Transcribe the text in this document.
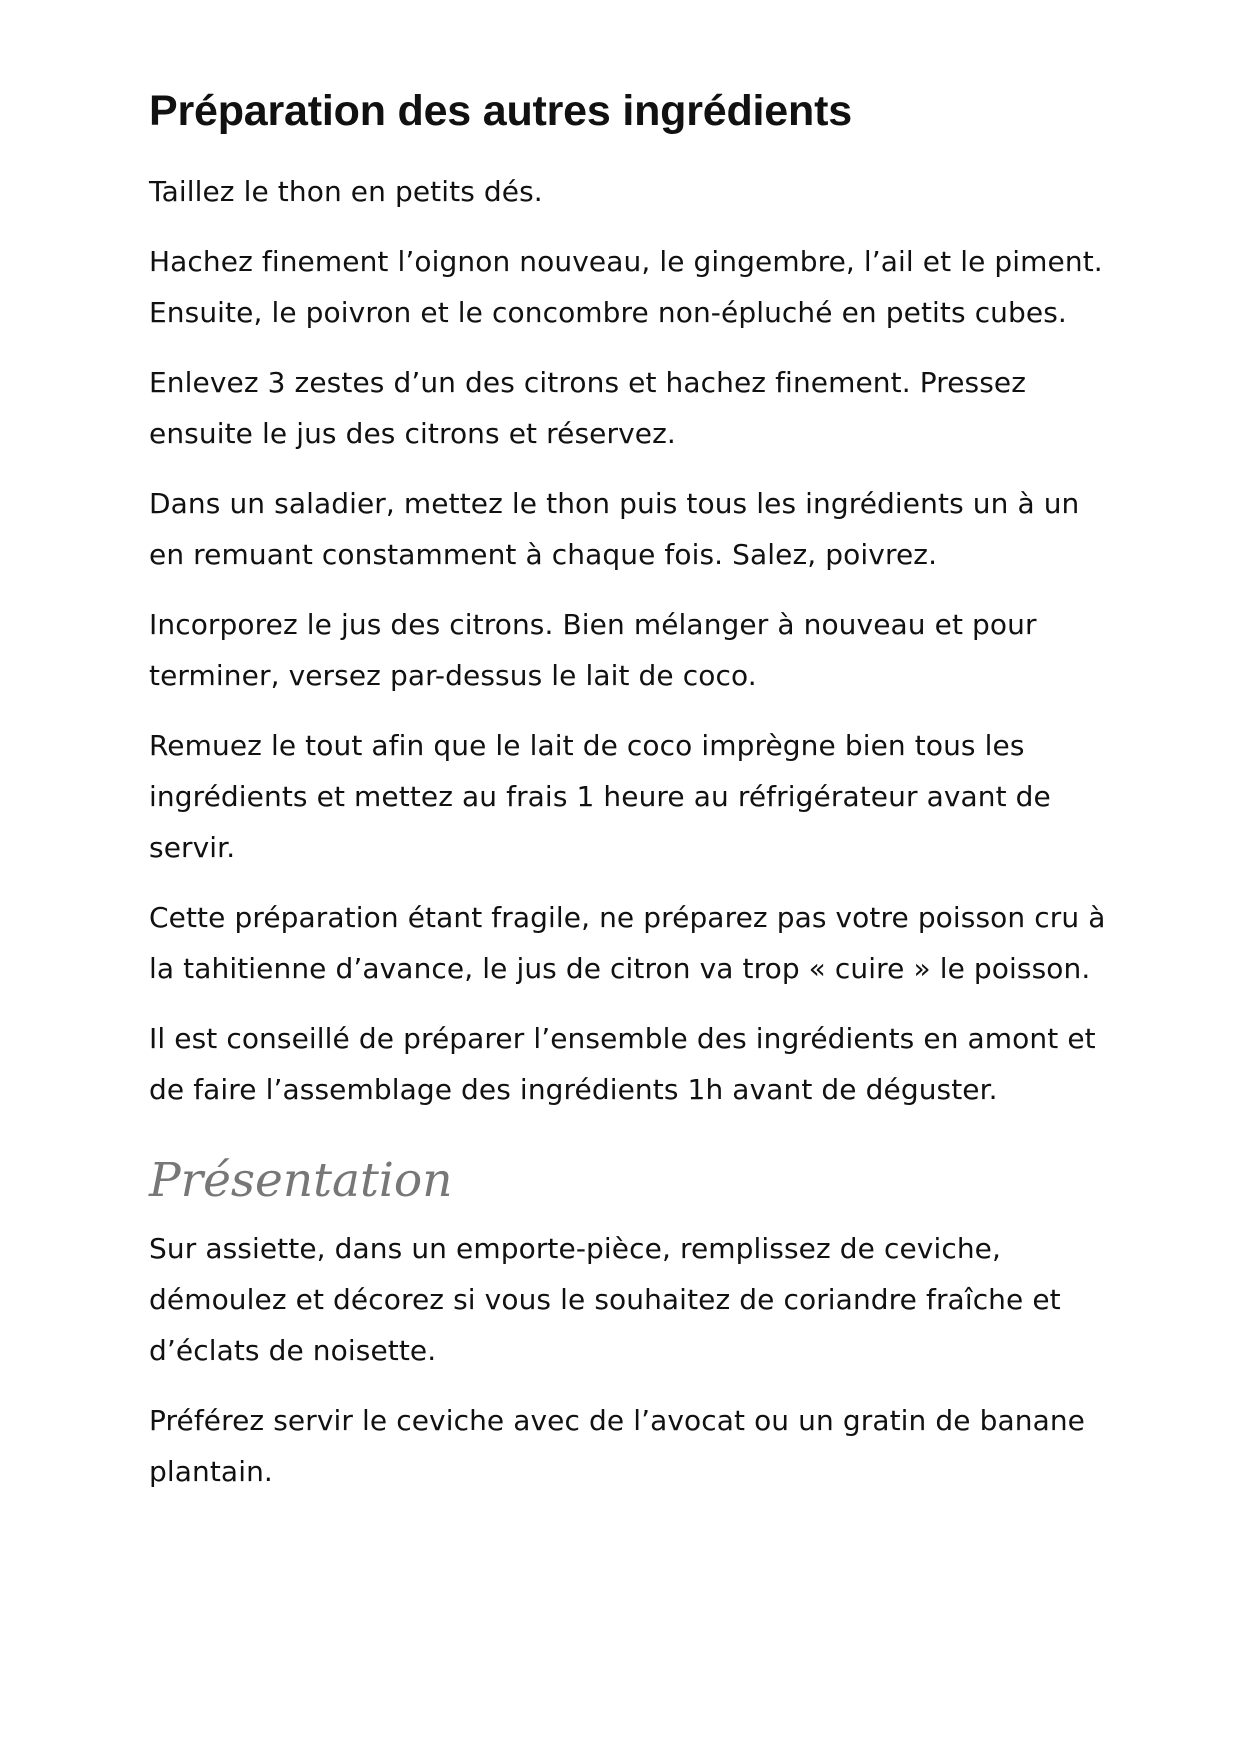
Préparation des autres ingrédients

Taillez le thon en petits dés.

Hachez finement l’oignon nouveau, le gingembre, l’ail et le piment. Ensuite, le poivron et le concombre non-épluché en petits cubes.

Enlevez 3 zestes d’un des citrons et hachez finement. Pressez ensuite le jus des citrons et réservez.

Dans un saladier, mettez le thon puis tous les ingrédients un à un en remuant constamment à chaque fois. Salez, poivrez.

Incorporez le jus des citrons. Bien mélanger à nouveau et pour terminer, versez par-dessus le lait de coco.

Remuez le tout afin que le lait de coco imprègne bien tous les ingrédients et mettez au frais 1 heure au réfrigérateur avant de servir.

Cette préparation étant fragile, ne préparez pas votre poisson cru à la tahitienne d’avance, le jus de citron va trop « cuire » le poisson.

Il est conseillé de préparer l’ensemble des ingrédients en amont et de faire l’assemblage des ingrédients 1h avant de déguster.

Présentation

Sur assiette, dans un emporte-pièce, remplissez de ceviche, démoulez et décorez si vous le souhaitez de coriandre fraîche et d’éclats de noisette.

Préférez servir le ceviche avec de l’avocat ou un gratin de banane plantain.
